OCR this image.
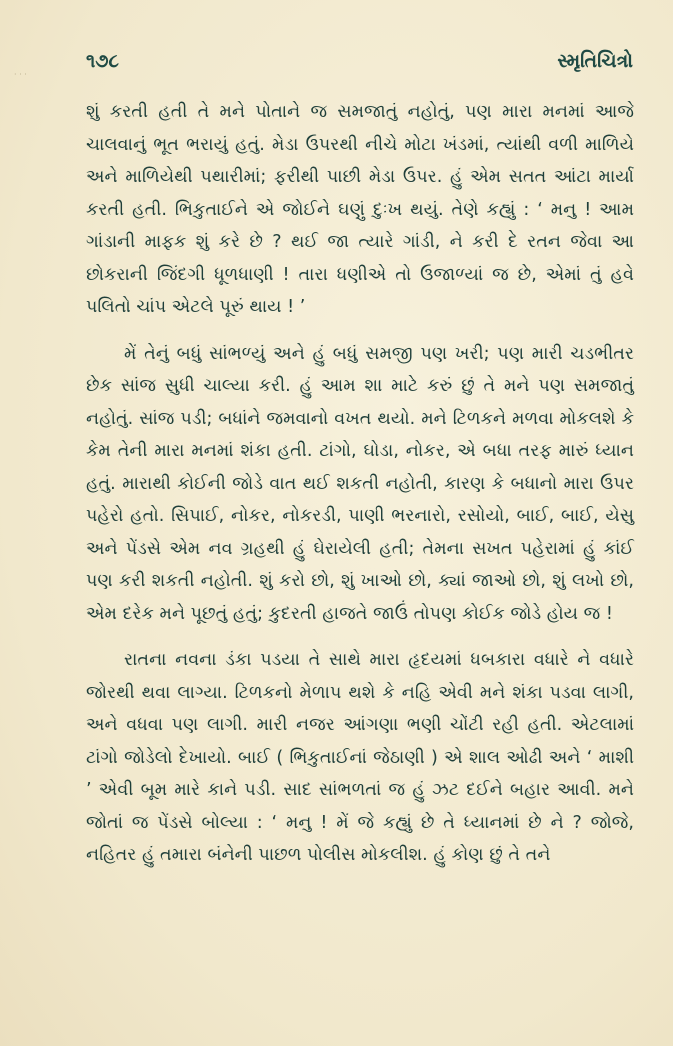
· · ·
૧૭૮	સ્મૃતિચિત્રો

શું કરતી હતી તે મને પોતાને જ સમજાતું નહોતું, પણ મારા મનમાં આજે ચાલવાનું ભૂત ભરાયું હતું. મેડા ઉપરથી નીચે મોટા ખંડમાં, ત્યાંથી વળી માળિયે અને માળિયેથી પથારીમાં; ફરીથી પાછી મેડા ઉપર. હું એમ સતત આંટા માર્યા કરતી હતી. ભિકુતાઈને એ જોઈને ઘણું દુઃખ થયું. તેણે કહ્યું : ‘ મનુ ! આમ ગાંડાની માફક શું કરે છે ? થઈ જા ત્યારે ગાંડી, ને કરી દે રતન જેવા આ છોકરાની જિંદગી ધૂળધાણી ! તારા ધણીએ તો ઉજાળ્યાં જ છે, એમાં તું હવે પલિતો ચાંપ એટલે પૂરું થાય ! ’

મેં તેનું બધું સાંભળ્યું અને હું બધું સમજી પણ ખરી; પણ મારી ચડભીતર છેક સાંજ સુધી ચાલ્યા કરી. હું આમ શા માટે કરું છું તે મને પણ સમજાતું નહોતું. સાંજ પડી; બધાંને જમવાનો વખત થયો. મને ટિળકને મળવા મોકલશે કે કેમ તેની મારા મનમાં શંકા હતી. ટાંગો, ઘોડા, નોકર, એ બધા તરફ મારું ધ્યાન હતું. મારાથી કોઈની જોડે વાત થઈ શકતી નહોતી, કારણ કે બધાનો મારા ઉપર પહેરો હતો. સિપાઈ, નોકર, નોકરડી, પાણી ભરનારો, રસોયો, બાઈ, બાઈ, યેસુ અને પેંડસે એમ નવ ગ્રહથી હું ઘેરાયેલી હતી; તેમના સખત પહેરામાં હું કાંઈ પણ કરી શકતી નહોતી. શું કરો છો, શું ખાઓ છો, ક્યાં જાઓ છો, શું લખો છો, એમ દરેક મને પૂછતું હતું; કુદરતી હાજતે જાઉં તોપણ કોઈક જોડે હોય જ !

રાતના નવના ડંકા પડયા તે સાથે મારા હૃદયમાં ધબકારા વધારે ને વધારે જોરથી થવા લાગ્યા. ટિળકનો મેળાપ થશે કે નહિ એવી મને શંકા પડવા લાગી, અને વધવા પણ લાગી. મારી નજર આંગણા ભણી ચોંટી રહી હતી. એટલામાં ટાંગો જોડેલો દેખાયો. બાઈ ( ભિકુતાઈનાં જેઠાણી ) એ શાલ ઓઢી અને ‘ માશી ’ એવી બૂમ મારે કાને પડી. સાદ સાંભળતાં જ હું ઝટ દઈને બહાર આવી. મને જોતાં જ પેંડસે બોલ્યા : ‘ મનુ ! મેં જે કહ્યું છે તે ધ્યાનમાં છે ને ? જોજે, નહિતર હું તમારા બંનેની પાછળ પોલીસ મોકલીશ. હું કોણ છું તે તને
